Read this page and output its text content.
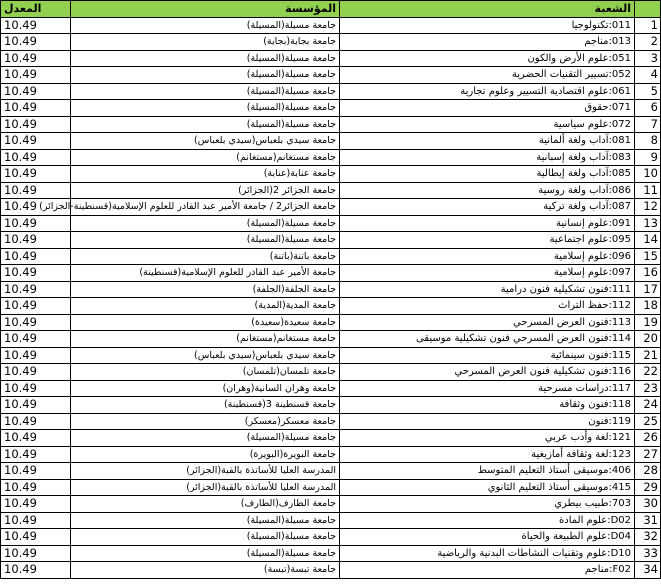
المعدل	المؤسسة	الشعبة	
10.49	جامعة مسيلة(المسيلة)	011:تكنولوجيا	1
10.49	جامعة بجاية(بجاية)	013:مناجم	2
10.49	جامعة مسيلة(المسيلة)	051:علوم الأرض والكون	3
10.49	جامعة مسيلة(المسيلة)	052:تسيير التقنيات الحضرية	4
10.49	جامعة مسيلة(المسيلة)	061:علوم اقتصادية التسيير وعلوم تجارية	5
10.49	جامعة مسيلة(المسيلة)	071:حقوق	6
10.49	جامعة مسيلة(المسيلة)	072:علوم سياسية	7
10.49	جامعة سيدي بلعباس(سيدي بلعباس)	081:آداب ولغة ألمانية	8
10.49	جامعة مستغانم(مستغانم)	083:آداب ولغة إسبانية	9
10.49	جامعة عنابة(عنابة)	085:آداب ولغة إيطالية	10
10.49	جامعة الجزائر 2(الجزائر)	086:آداب ولغة روسية	11
10.49	جامعة الجزائر2 / جامعة الأمير عبد القادر للعلوم الإسلامية(قسنطينة-الجزائر)	087:آداب ولغة تركية	12
10.49	جامعة مسيلة(المسيلة)	091:علوم إنسانية	13
10.49	جامعة مسيلة(المسيلة)	095:علوم اجتماعية	14
10.49	جامعة باتنة(باتنة)	096:علوم إسلامية	15
10.49	جامعة الأمير عبد القادر للعلوم الإسلامية(قسنطينة)	097:علوم إسلامية	16
10.49	جامعة الجلفة(الجلفة)	111:فنون تشكيلية فنون درامية	17
10.49	جامعة المدية(المدية)	112:حفظ التراث	18
10.49	جامعة سعيدة(سعيدة)	113:فنون العرض المسرحي	19
10.49	جامعة مستغانم(مستغانم)	114:فنون العرض المسرحي فنون تشكيلية موسيقى	20
10.49	جامعة سيدي بلعباس(سيدي بلعباس)	115:فنون سينمائية	21
10.49	جامعة تلمسان(تلمسان)	116:فنون تشكيلية فنون العرض المسرحي	22
10.49	جامعة وهران السانية(وهران)	117:دراسات مسرحية	23
10.49	جامعة قسنطينة 3(قسنطينة)	118:فنون وثقافة	24
10.49	جامعة معسكر(معسكر)	119:فنون	25
10.49	جامعة مسيلة(المسيلة)	121:لغة وأدب عربي	26
10.49	جامعة البويرة(البويرة)	123:لغة وثقافة أمازيغية	27
10.49	المدرسة العليا للأساتذة بالقبة(الجزائر)	406:موسيقى أستاذ التعليم المتوسط	28
10.49	المدرسة العليا للأساتذة بالقبة(الجزائر)	415:موسيقى أستاذ التعليم الثانوي	29
10.49	جامعة الطارف(الطارف)	703:طبيب بيطري	30
10.49	جامعة مسيلة(المسيلة)	D02:علوم المادة	31
10.49	جامعة مسيلة(المسيلة)	D04:علوم الطبيعة والحياة	32
10.49	جامعة مسيلة(المسيلة)	D10:علوم وتقنيات النشاطات البدنية والرياضية	33
10.49	جامعة تبسة(تبسة)	F02:مناجم	34
